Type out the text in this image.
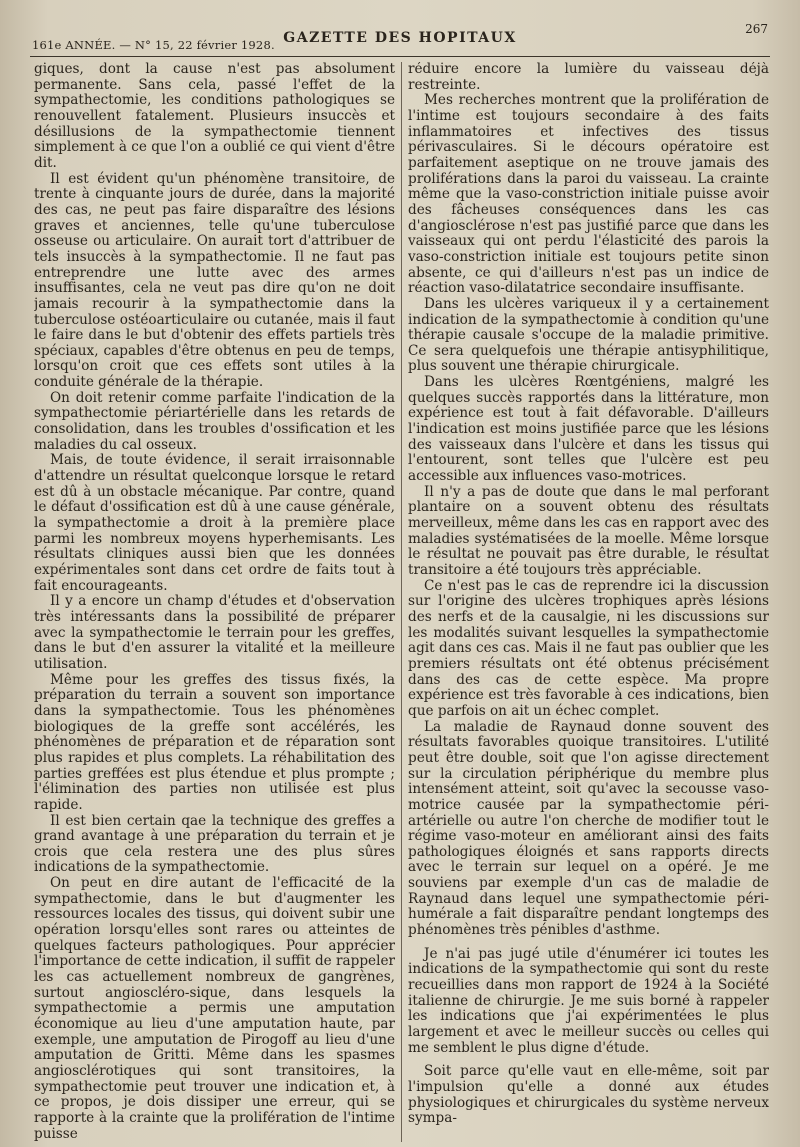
161e ANNÉE. — N° 15, 22 février 1928. GAZETTE DES HOPITAUX
267

giques, dont la cause n'est pas absolument permanente. Sans cela, passé l'effet de la sympathectomie, les conditions pathologiques se renouvellent fatalement. Plusieurs insuccès et désillusions de la sympathectomie tiennent simplement à ce que l'on a oublié ce qui vient d'être dit.

Il est évident qu'un phénomène transitoire, de trente à cinquante jours de durée, dans la majorité des cas, ne peut pas faire disparaître des lésions graves et anciennes, telle qu'une tuberculose osseuse ou articulaire. On aurait tort d'attribuer de tels insuccès à la sympathectomie. Il ne faut pas entreprendre une lutte avec des armes insuffisantes, cela ne veut pas dire qu'on ne doit jamais recourir à la sympathectomie dans la tuberculose ostéoarticulaire ou cutanée, mais il faut le faire dans le but d'obtenir des effets partiels très spéciaux, capables d'être obtenus en peu de temps, lorsqu'on croit que ces effets sont utiles à la conduite générale de la thérapie.

On doit retenir comme parfaite l'indication de la sympathectomie périartérielle dans les retards de consolidation, dans les troubles d'ossification et les maladies du cal osseux.

Mais, de toute évidence, il serait irraisonnable d'attendre un résultat quelconque lorsque le retard est dû à un obstacle mécanique. Par contre, quand le défaut d'ossification est dû à une cause générale, la sympathectomie a droit à la première place parmi les nombreux moyens hyperhemisants. Les résultats cliniques aussi bien que les données expérimentales sont dans cet ordre de faits tout à fait encourageants.

Il y a encore un champ d'études et d'observation très intéressants dans la possibilité de préparer avec la sympathectomie le terrain pour les greffes, dans le but d'en assurer la vitalité et la meilleure utilisation.

Même pour les greffes des tissus fixés, la préparation du terrain a souvent son importance dans la sympathectomie. Tous les phénomènes biologiques de la greffe sont accélérés, les phénomènes de préparation et de réparation sont plus rapides et plus complets. La réhabilitation des parties greffées est plus étendue et plus prompte ; l'élimination des parties non utilisée est plus rapide.

Il est bien certain qae la technique des greffes a grand avantage à une préparation du terrain et je crois que cela restera une des plus sûres indications de la sympathectomie.

On peut en dire autant de l'efficacité de la sympathectomie, dans le but d'augmenter les ressources locales des tissus, qui doivent subir une opération lorsqu'elles sont rares ou atteintes de quelques facteurs pathologiques. Pour apprécier l'importance de cette indication, il suffit de rappeler les cas actuellement nombreux de gangrènes, surtout angioscléro-sique, dans lesquels la sympathectomie a permis une amputation économique au lieu d'une amputation haute, par exemple, une amputation de Pirogoff au lieu d'une amputation de Gritti. Même dans les spasmes angiosclérotiques qui sont transitoires, la sympathectomie peut trouver une indication et, à ce propos, je dois dissiper une erreur, qui se rapporte à la crainte que la prolifération de l'intime puisse

réduire encore la lumière du vaisseau déjà restreinte.

Mes recherches montrent que la prolifération de l'intime est toujours secondaire à des faits inflammatoires et infectives des tissus périvasculaires. Si le décours opératoire est parfaitement aseptique on ne trouve jamais des proliférations dans la paroi du vaisseau. La crainte même que la vaso-constriction initiale puisse avoir des fâcheuses conséquences dans les cas d'angiosclérose n'est pas justifié parce que dans les vaisseaux qui ont perdu l'élasticité des parois la vaso-constriction initiale est toujours petite sinon absente, ce qui d'ailleurs n'est pas un indice de réaction vaso-dilatatrice secondaire insuffisante.

Dans les ulcères variqueux il y a certainement indication de la sympathectomie à condition qu'une thérapie causale s'occupe de la maladie primitive. Ce sera quelquefois une thérapie antisyphilitique, plus souvent une thérapie chirurgicale.

Dans les ulcères Rœntgéniens, malgré les quelques succès rapportés dans la littérature, mon expérience est tout à fait défavorable. D'ailleurs l'indication est moins justifiée parce que les lésions des vaisseaux dans l'ulcère et dans les tissus qui l'entourent, sont telles que l'ulcère est peu accessible aux influences vaso-motrices.

Il n'y a pas de doute que dans le mal perforant plantaire on a souvent obtenu des résultats merveilleux, même dans les cas en rapport avec des maladies systématisées de la moelle. Même lorsque le résultat ne pouvait pas être durable, le résultat transitoire a été toujours très appréciable.

Ce n'est pas le cas de reprendre ici la discussion sur l'origine des ulcères trophiques après lésions des nerfs et de la causalgie, ni les discussions sur les modalités suivant lesquelles la sympathectomie agit dans ces cas. Mais il ne faut pas oublier que les premiers résultats ont été obtenus précisément dans des cas de cette espèce. Ma propre expérience est très favorable à ces indications, bien que parfois on ait un échec complet.

La maladie de Raynaud donne souvent des résultats favorables quoique transitoires. L'utilité peut être double, soit que l'on agisse directement sur la circulation périphérique du membre plus intensément atteint, soit qu'avec la secousse vaso-motrice causée par la sympathectomie péri-artérielle ou autre l'on cherche de modifier tout le régime vaso-moteur en améliorant ainsi des faits pathologiques éloignés et sans rapports directs avec le terrain sur lequel on a opéré. Je me souviens par exemple d'un cas de maladie de Raynaud dans lequel une sympathectomie péri-humérale a fait disparaître pendant longtemps des phénomènes très pénibles d'asthme.

Je n'ai pas jugé utile d'énumérer ici toutes les indications de la sympathectomie qui sont du reste recueillies dans mon rapport de 1924 à la Société italienne de chirurgie. Je me suis borné à rappeler les indications que j'ai expérimentées le plus largement et avec le meilleur succès ou celles qui me semblent le plus digne d'étude.

Soit parce qu'elle vaut en elle-même, soit par l'impulsion qu'elle a donné aux études physiologiques et chirurgicales du système nerveux sympa-
